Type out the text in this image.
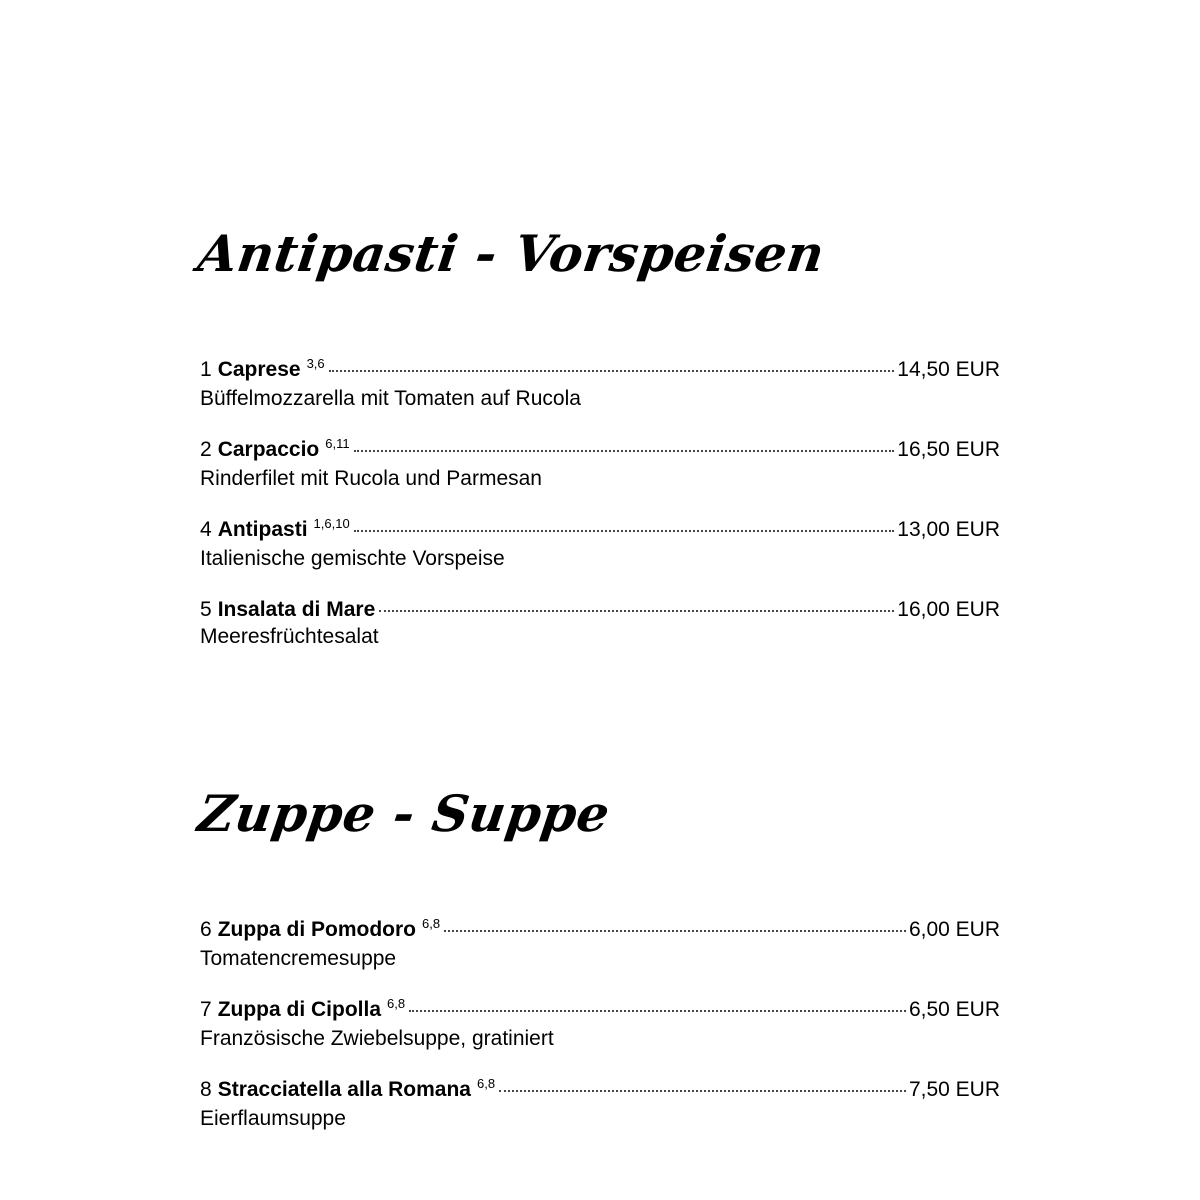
Antipasti - Vorspeisen
1 Caprese 3,6	14,50 EUR
Büffelmozzarella mit Tomaten auf Rucola
2 Carpaccio 6,11	16,50 EUR
Rinderfilet mit Rucola und Parmesan
4 Antipasti 1,6,10	13,00 EUR
Italienische gemischte Vorspeise
5 Insalata di Mare	16,00 EUR
Meeresfrüchtesalat
Zuppe - Suppe
6 Zuppa di Pomodoro 6,8	6,00 EUR
Tomatencremesuppe
7 Zuppa di Cipolla 6,8	6,50 EUR
Französische Zwiebelsuppe, gratiniert
8 Stracciatella alla Romana 6,8	7,50 EUR
Eierflaumsuppe
